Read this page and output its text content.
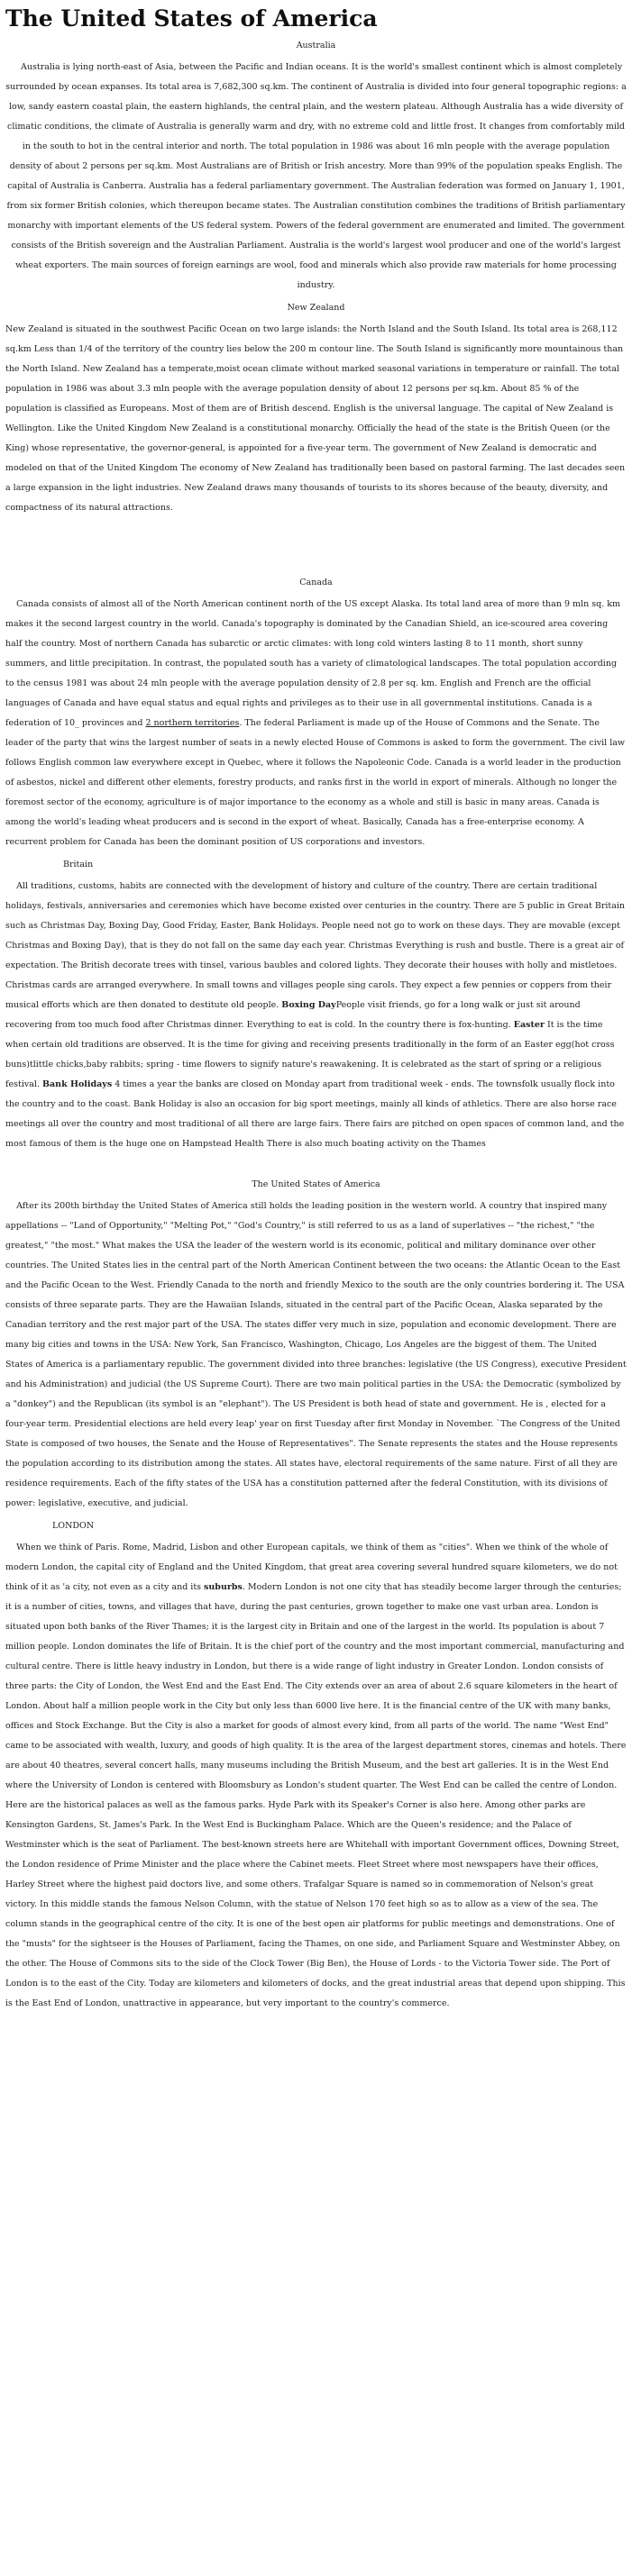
The United States of America
Australia

Australia is lying north-east of Asia, between the Pacific and Indian oceans. It is the world's smallest continent which is almost completely surrounded by ocean expanses. Its total area is 7,682,300 sq.km. The continent of Australia is divided into four general topographic regions: a low, sandy eastern coastal plain, the eastern highlands, the central plain, and the western plateau. Although Australia has a wide diversity of climatic conditions, the climate of Australia is generally warm and dry, with no extreme cold and little frost. It changes from comfortably mild in the south to hot in the central interior and north. The total population in 1986 was about 16 mln people with the average population density of about 2 persons per sq.km. Most Australians are of British or Irish ancestry. More than 99% of the population speaks English. The capital of Australia is Canberra. Australia has a federal parliamentary government. The Australian federation was formed on January 1, 1901, from six former British colonies, which thereupon became states. The Australian constitution combines the traditions of British parliamentary monarchy with important elements of the US federal system. Powers of the federal government are enumerated and limited. The government consists of the British sovereign and the Australian Parliament. Australia is the world's largest wool producer and one of the world's largest wheat exporters. The main sources of foreign earnings are wool, food and minerals which also provide raw materials for home processing industry.

New Zealand

New Zealand is situated in the southwest Pacific Ocean on two large islands: the North Island and the South Island. Its total area is 268,112 sq.km Less than 1/4 of the territory of the country lies below the 200 m contour line. The South Island is significantly more mountainous than the North Island. New Zealand has a temperate,moist ocean climate without marked seasonal variations in temperature or rainfall. The total population in 1986 was about 3.3 mln people with the average population density of about 12 persons per sq.km. About 85 % of the population is classified as Europeans. Most of them are of British descend. English is the universal language. The capital of New Zealand is Wellington. Like the United Kingdom New Zealand is a constitutional monarchy. Officially the head of the state is the British Queen (or the King) whose representative, the governor-general, is appointed for a five-year term. The government of New Zealand is democratic and modeled on that of the United Kingdom The economy of New Zealand has traditionally been based on pastoral farming. The last decades seen a large expansion in the light industries. New Zealand draws many thousands of tourists to its shores because of the beauty, diversity, and compactness of its natural attractions.

Canada

Canada consists of almost all of the North American continent north of the US except Alaska. Its total land area of more than 9 mln sq. km makes it the second largest country in the world. Canada's topography is dominated by the Canadian Shield, an ice-scoured area covering half the country. Most of northern Canada has subarctic or arctic climates: with long cold winters lasting 8 to 11 month, short sunny summers, and little precipitation. In contrast, the populated south has a variety of climatological landscapes. The total population according to the census 1981 was about 24 mln people with the average population density of 2.8 per sq. km. English and French are the official languages of Canada and have equal status and equal rights and privileges as to their use in all governmental institutions. Canada is a federation of 10_ provinces and 2 northern territories. The federal Parliament is made up of the House of Commons and the Senate. The leader of the party that wins the largest number of seats in a newly elected House of Commons is asked to form the government. The civil law follows English common law everywhere except in Quebec, where it follows the Napoleonic Code. Canada is a world leader in the production of asbestos, nickel and different other elements, forestry products, and ranks first in the world in export of minerals. Although no longer the foremost sector of the economy, agriculture is of major importance to the economy as a whole and still is basic in many areas. Canada is among the world's leading wheat producers and is second in the export of wheat. Basically, Canada has a free-enterprise economy. A recurrent problem for Canada has been the dominant position of US corporations and investors.

Britain

All traditions, customs, habits are connected with the development of history and culture of the country. There are certain traditional holidays, festivals, anniversaries and ceremonies which have become existed over centuries in the country. There are 5 public in Great Britain such as Christmas Day, Boxing Day, Good Friday, Easter, Bank Holidays. People need not go to work on these days. They are movable (except Christmas and Boxing Day), that is they do not fall on the same day each year. Christmas Everything is rush and bustle. There is a great air of expectation. The British decorate trees with tinsel, various baubles and colored lights. They decorate their houses with holly and mistletoes. Christmas cards are arranged everywhere. In small towns and villages people sing carols. They expect a few pennies or coppers from their musical efforts which are then donated to destitute old people. Boxing DayPeople visit friends, go for a long walk or just sit around recovering from too much food after Christmas dinner. Everything to eat is cold. In the country there is fox-hunting. Easter It is the time when certain old traditions are observed. It is the time for giving and receiving presents traditionally in the form of an Easter egg(hot cross buns)tlittle chicks,baby rabbits; spring - time flowers to signify nature's reawakening. It is celebrated as the start of spring or a religious festival. Bank Holidays 4 times a year the banks are closed on Monday apart from traditional week - ends. The townsfolk usually flock into the country and to the coast. Bank Holiday is also an occasion for big sport meetings, mainly all kinds of athletics. There are also horse race meetings all over the country and most traditional of all there are large fairs. There fairs are pitched on open spaces of common land, and the most famous of them is the huge one on Hampstead Health There is also much boating activity on the Thames

The United States of America

After its 200th birthday the United States of America still holds the leading position in the western world. A country that inspired many appellations -- "Land of Opportunity," "Melting Pot," "God's Country," is still referred to us as a land of superlatives -- "the richest," "the greatest," "the most." What makes the USA the leader of the western world is its economic, political and military dominance over other countries. The United States lies in the central part of the North American Continent between the two oceans: the Atlantic Ocean to the East and the Pacific Ocean to the West. Friendly Canada to the north and friendly Mexico to the south are the only countries bordering it. The USA consists of three separate parts. They are the Hawaiian Islands, situated in the central part of the Pacific Ocean, Alaska separated by the Canadian territory and the rest major part of the USA. The states differ very much in size, population and economic development. There are many big cities and towns in the USA: New York, San Francisco, Washington, Chicago, Los Angeles are the biggest of them. The United States of America is a parliamentary republic. The government divided into three branches: legislative (the US Congress), executive President and his Administration) and judicial (the US Supreme Court). There are two main political parties in the USA: the Democratic (symbolized by a "donkey") and the Republican (its symbol is an "elephant"). The US President is both head of state and government. He is , elected for a four-year term. Presidential elections are held every leap' year on first Tuesday after first Monday in November. `The Congress of the United State is composed of two houses, the Senate and the House of Representatives". The Senate represents the states and the House represents the population according to its distribution among the states. All states have, electoral requirements of the same nature. First of all they are residence requirements. Each of the fifty states of the USA has a constitution patterned after the federal Constitution, with its divisions of power: legislative, executive, and judicial.

LONDON

When we think of Paris. Rome, Madrid, Lisbon and other European capitals, we think of them as "cities". When we think of the whole of modern London, the capital city of England and the United Kingdom, that great area covering several hundred square kilometers, we do not think of it as 'a city, not even as a city and its suburbs. Modern London is not one city that has steadily become larger through the centuries; it is a number of cities, towns, and villages that have, during the past centuries, grown together to make one vast urban area. London is situated upon both banks of the River Thames; it is the largest city in Britain and one of the largest in the world. Its population is about 7 million people. London dominates the life of Britain. It is the chief port of the country and the most important commercial, manufacturing and cultural centre. There is little heavy industry in London, but there is a wide range of light industry in Greater London. London consists of three parts: the City of London, the West End and the East End. The City extends over an area of about 2.6 square kilometers in the heart of London. About half a million people work in the City but only less than 6000 live here. It is the financial centre of the UK with many banks, offices and Stock Exchange. But the City is also a market for goods of almost every kind, from all parts of the world. The name "West End" came to be associated with wealth, luxury, and goods of high quality. It is the area of the largest department stores, cinemas and hotels. There are about 40 theatres, several concert halls, many museums including the British Museum, and the best art galleries. It is in the West End where the University of London is centered with Bloomsbury as London's student quarter. The West End can be called the centre of London. Here are the historical palaces as well as the famous parks. Hyde Park with its Speaker's Corner is also here. Among other parks are Kensington Gardens, St. James's Park. In the West End is Buckingham Palace. Which are the Queen's residence; and the Palace of Westminster which is the seat of Parliament. The best-known streets here are Whitehall with important Government offices, Downing Street, the London residence of Prime Minister and the place where the Cabinet meets. Fleet Street where most newspapers have their offices, Harley Street where the highest paid doctors live, and some others. Trafalgar Square is named so in commemoration of Nelson's great victory. In this middle stands the famous Nelson Column, with the statue of Nelson 170 feet high so as to allow as a view of the sea. The column stands in the geographical centre of the city. It is one of the best open air platforms for public meetings and demonstrations. One of the "musts" for the sightseer is the Houses of Parliament, facing the Thames, on one side, and Parliament Square and Westminster Abbey, on the other. The House of Commons sits to the side of the Clock Tower (Big Ben), the House of Lords - to the Victoria Tower side. The Port of London is to the east of the City. Today are kilometers and kilometers of docks, and the great industrial areas that depend upon shipping. This is the East End of London, unattractive in appearance, but very important to the country's commerce.
